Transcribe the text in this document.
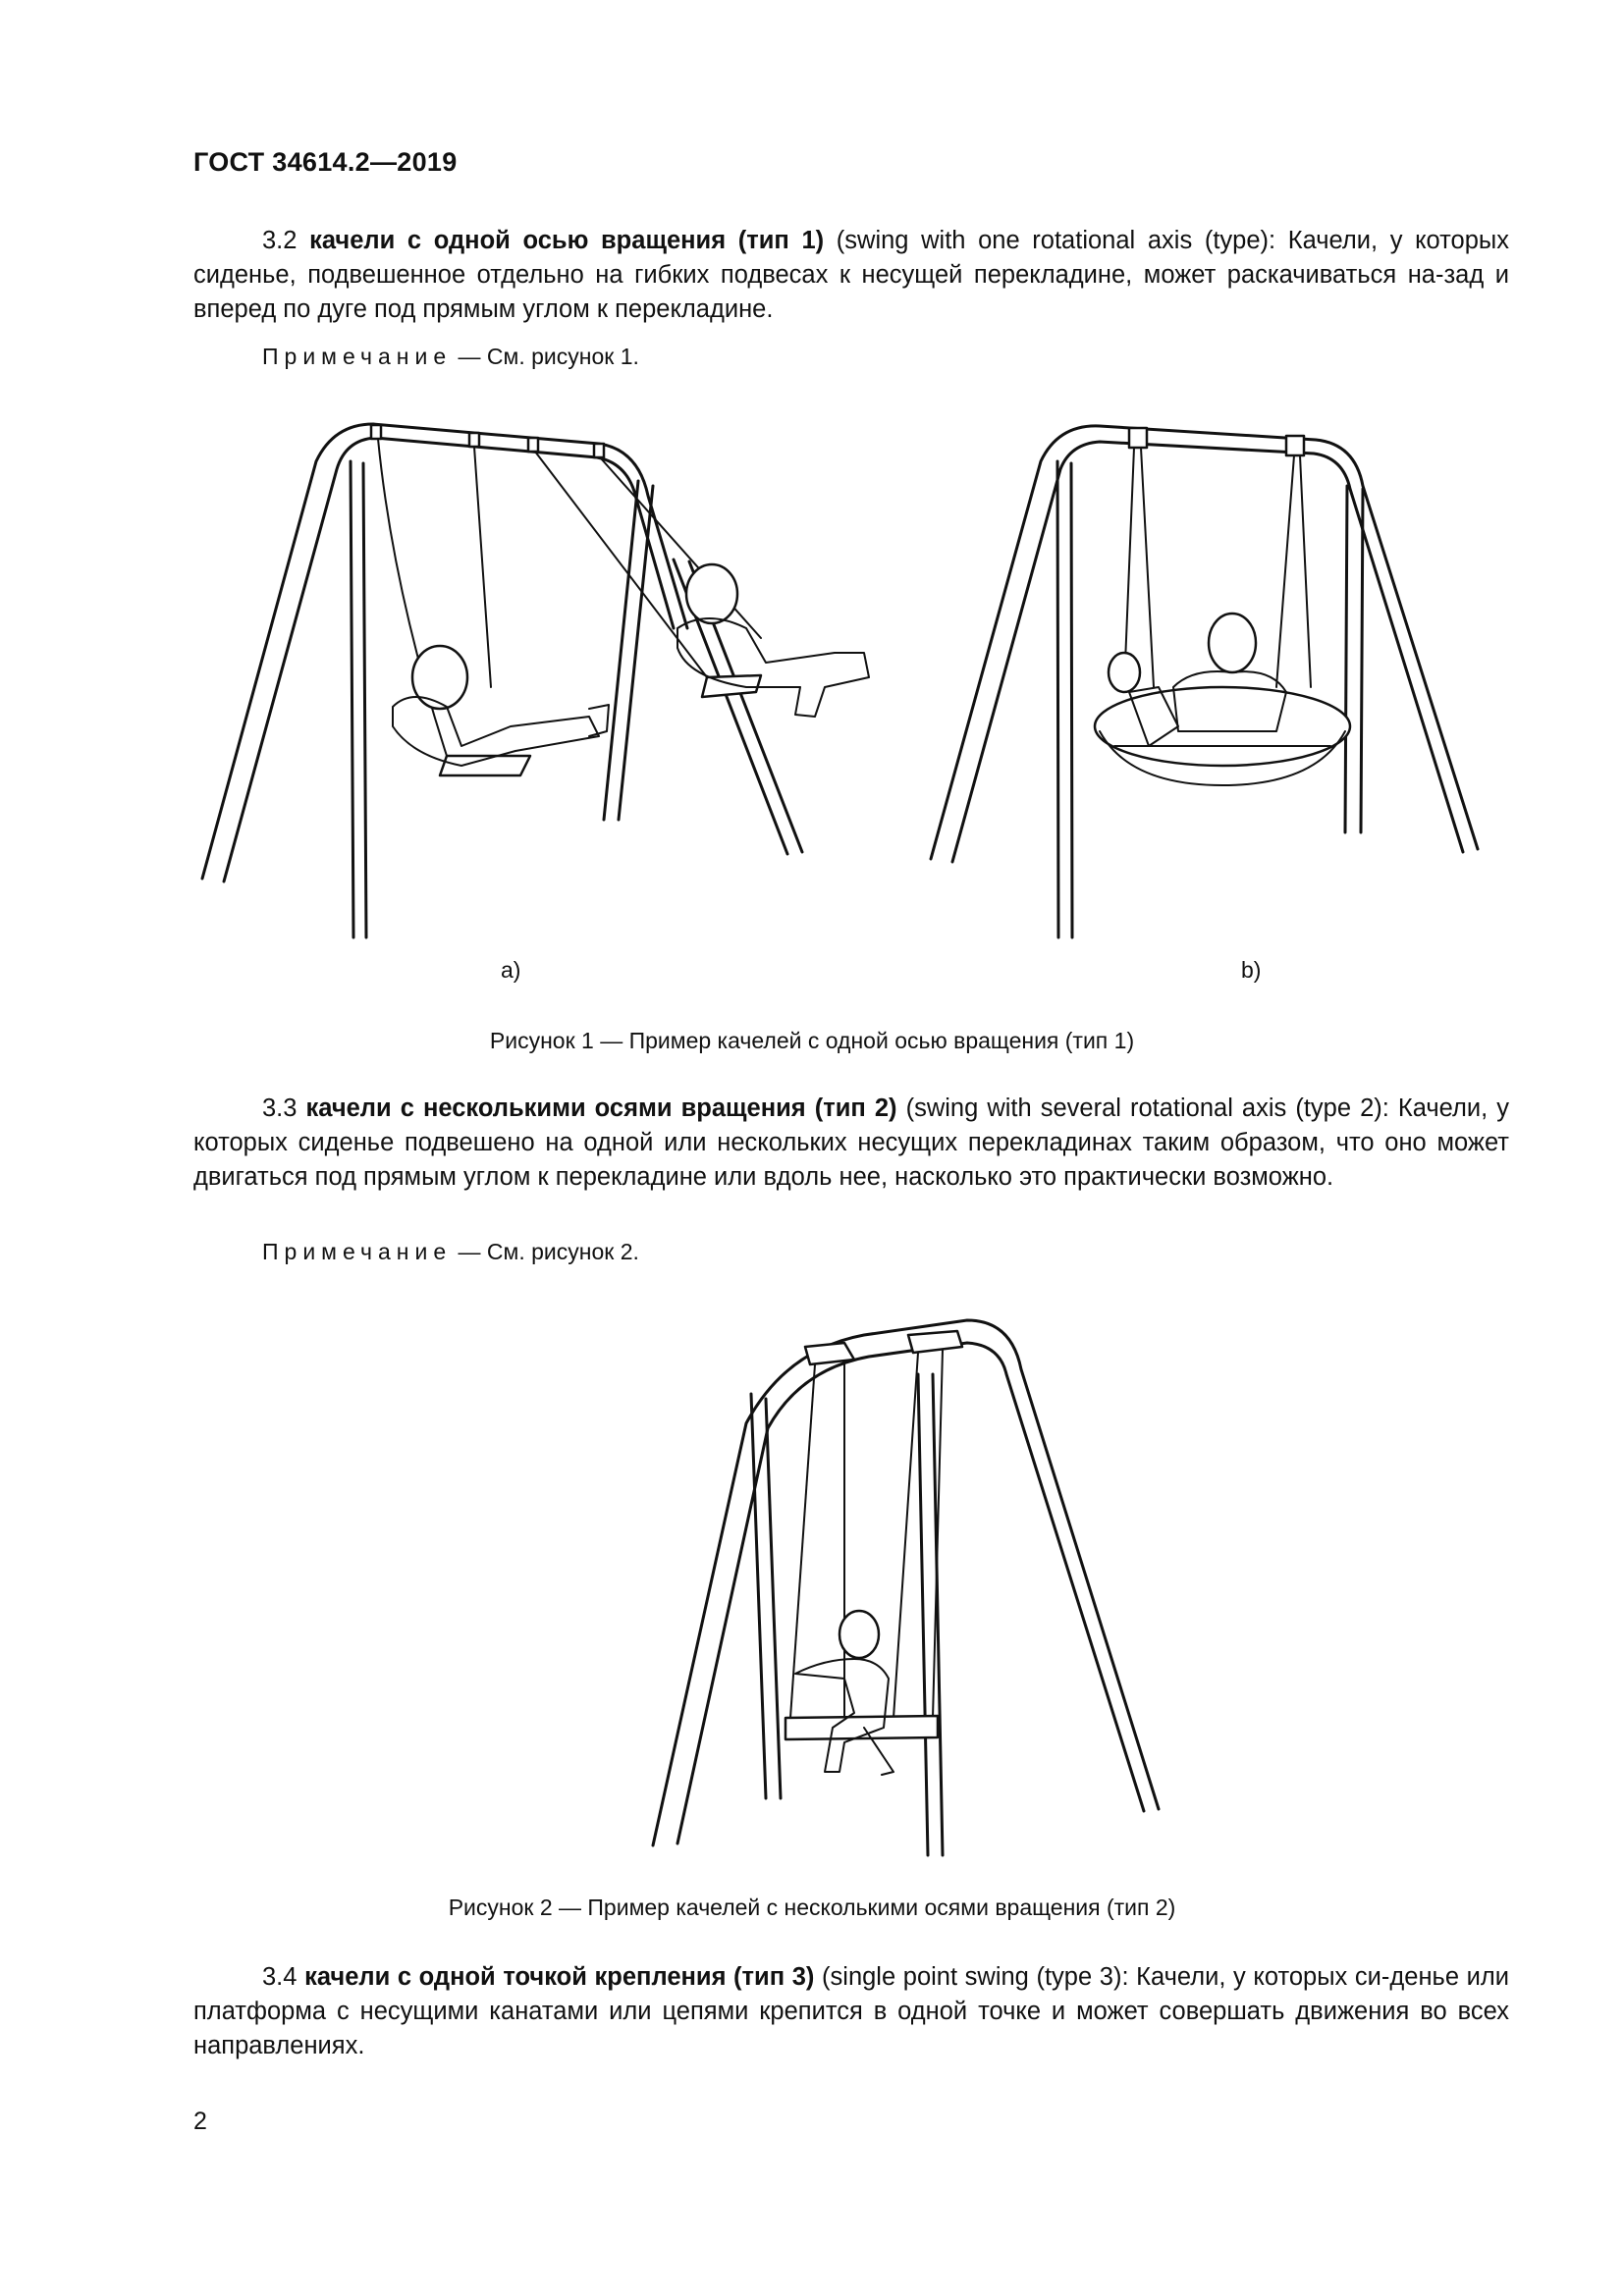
ГОСТ 34614.2—2019

3.2 качели с одной осью вращения (тип 1) (swing with one rotational axis (type): Качели, у которых сиденье, подвешенное отдельно на гибких подвесах к несущей перекладине, может раскачиваться на-зад и вперед по дуге под прямым углом к перекладине.

Примечание — См. рисунок 1.
a)	b)
Рисунок 1 — Пример качелей с одной осью вращения (тип 1)

3.3 качели с несколькими осями вращения (тип 2) (swing with several rotational axis (type 2): Качели, у которых сиденье подвешено на одной или нескольких несущих перекладинах таким образом, что оно может двигаться под прямым углом к перекладине или вдоль нее, насколько это практически возможно.

Примечание — См. рисунок 2.
Рисунок 2 — Пример качелей с несколькими осями вращения (тип 2)

3.4 качели с одной точкой крепления (тип 3) (single point swing (type 3): Качели, у которых си-денье или платформа с несущими канатами или цепями крепится в одной точке и может совершать движения во всех направлениях.

2
